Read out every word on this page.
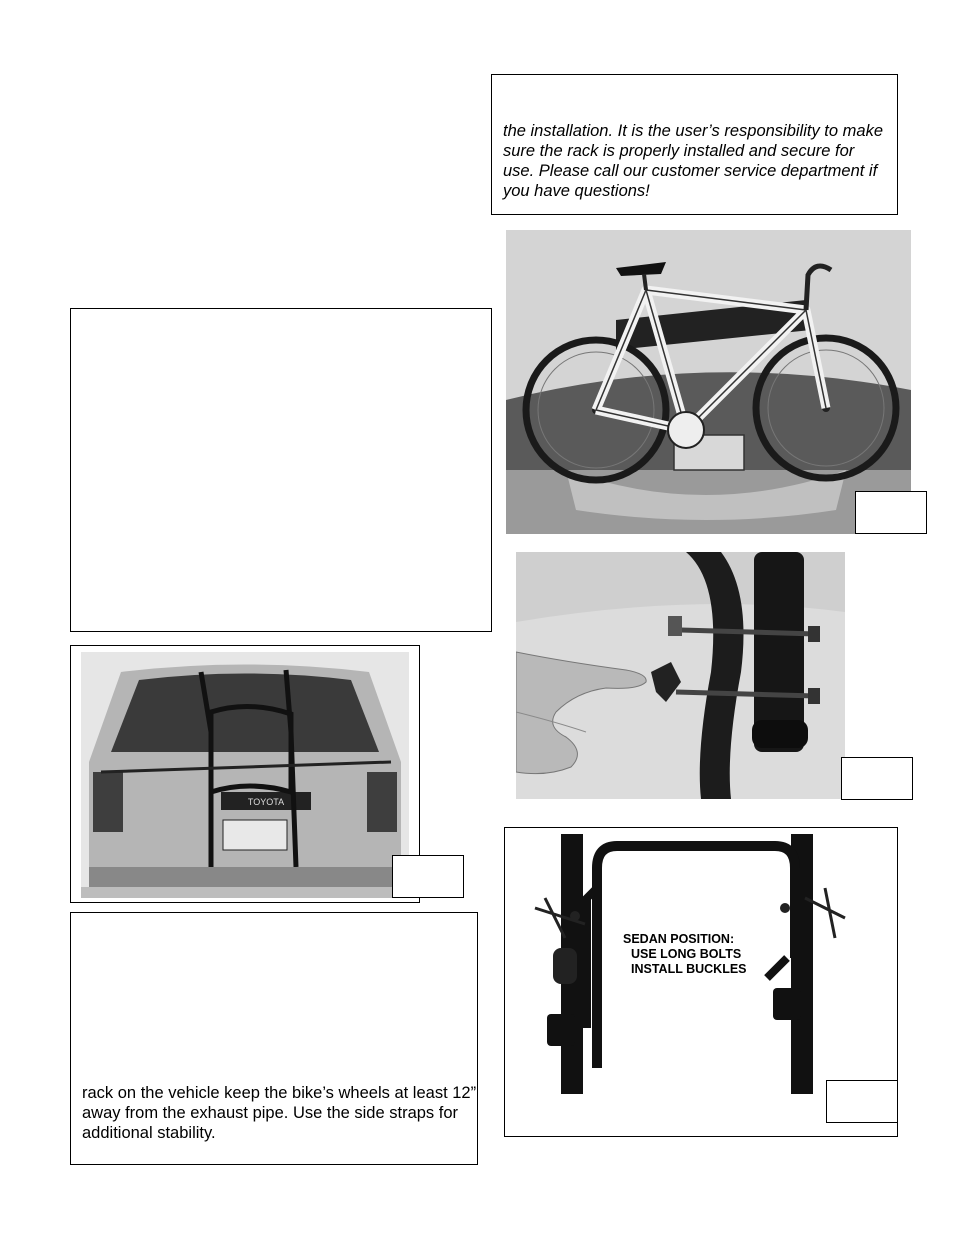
the installation. It is the user’s responsibility to make sure the rack is properly installed and secure for use. Please call our customer service department if you have questions!

TOYOTA

rack on the vehicle keep the bike’s wheels at least 12” away from the exhaust pipe. Use the side straps for additional stability.

SEDAN POSITION:
USE LONG BOLTS
INSTALL BUCKLES
